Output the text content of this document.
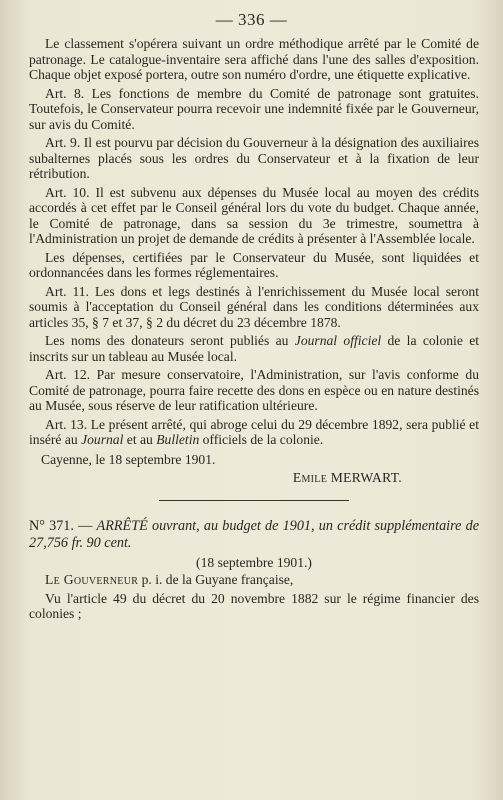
— 336 —

Le classement s'opérera suivant un ordre méthodique arrêté par le Comité de patronage. Le catalogue-inventaire sera affiché dans l'une des salles d'exposition. Chaque objet exposé portera, outre son numéro d'ordre, une étiquette explicative.

Art. 8. Les fonctions de membre du Comité de patronage sont gratuites. Toutefois, le Conservateur pourra recevoir une indemnité fixée par le Gouverneur, sur avis du Comité.

Art. 9. Il est pourvu par décision du Gouverneur à la désignation des auxiliaires subalternes placés sous les ordres du Conservateur et à la fixation de leur rétribution.

Art. 10. Il est subvenu aux dépenses du Musée local au moyen des crédits accordés à cet effet par le Conseil général lors du vote du budget. Chaque année, le Comité de patronage, dans sa session du 3e trimestre, soumettra à l'Administration un projet de demande de crédits à présenter à l'Assemblée locale.

Les dépenses, certifiées par le Conservateur du Musée, sont liquidées et ordonnancées dans les formes réglementaires.

Art. 11. Les dons et legs destinés à l'enrichissement du Musée local seront soumis à l'acceptation du Conseil général dans les conditions déterminées aux articles 35, § 7 et 37, § 2 du décret du 23 décembre 1878.

Les noms des donateurs seront publiés au Journal officiel de la colonie et inscrits sur un tableau au Musée local.

Art. 12. Par mesure conservatoire, l'Administration, sur l'avis conforme du Comité de patronage, pourra faire recette des dons en espèce ou en nature destinés au Musée, sous réserve de leur ratification ultérieure.

Art. 13. Le présent arrêté, qui abroge celui du 29 décembre 1892, sera publié et inséré au Journal et au Bulletin officiels de la colonie.

Cayenne, le 18 septembre 1901.

Emile MERWART.

N° 371. — ARRÊTÉ ouvrant, au budget de 1901, un crédit supplémentaire de 27,756 fr. 90 cent.

(18 septembre 1901.)

Le Gouverneur p. i. de la Guyane française,

Vu l'article 49 du décret du 20 novembre 1882 sur le régime financier des colonies ;
